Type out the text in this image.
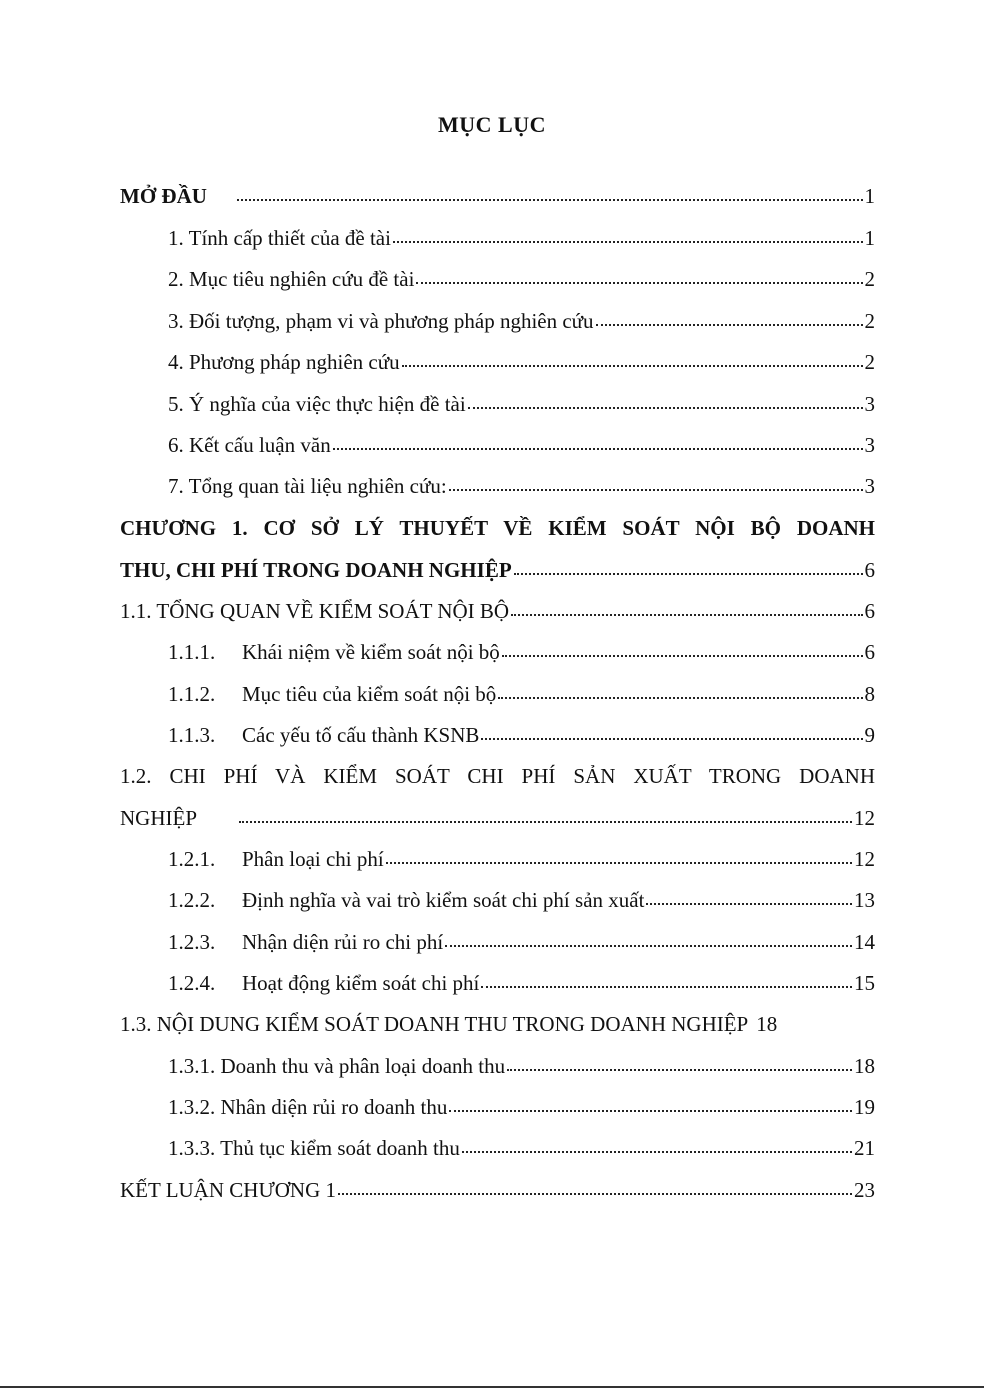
MỤC LỤC
MỞ ĐẦU	1
1. Tính cấp thiết của đề tài	1
2. Mục tiêu nghiên cứu đề tài	2
3. Đối tượng, phạm vi và phương pháp nghiên cứu	2
4. Phương pháp nghiên cứu	2
5. Ý nghĩa của việc thực hiện đề tài	3
6. Kết cấu luận văn	3
7. Tổng quan tài liệu nghiên cứu:	3
CHƯƠNG 1. CƠ SỞ LÝ THUYẾT VỀ KIỂM SOÁT NỘI BỘ DOANH
THU, CHI PHÍ TRONG DOANH NGHIỆP	6
1.1. TỔNG QUAN VỀ KIỂM SOÁT NỘI BỘ	6
1.1.1.	Khái niệm về kiểm soát nội bộ	6
1.1.2.	Mục tiêu của kiểm soát nội bộ	8
1.1.3.	Các yếu tố cấu thành KSNB	9
1.2. CHI PHÍ VÀ KIỂM SOÁT CHI PHÍ SẢN XUẤT TRONG DOANH
NGHIỆP	12
1.2.1.	Phân loại chi phí	12
1.2.2.	Định nghĩa và vai trò kiểm soát chi phí sản xuất	13
1.2.3.	Nhận diện rủi ro chi phí	14
1.2.4.	Hoạt động kiểm soát chi phí	15
1.3. NỘI DUNG KIỂM SOÁT DOANH THU TRONG DOANH NGHIỆP 18
1.3.1. Doanh thu và phân loại doanh thu	18
1.3.2. Nhân diện rủi ro doanh thu	19
1.3.3. Thủ tục kiểm soát doanh thu	21
KẾT LUẬN CHƯƠNG 1	23
